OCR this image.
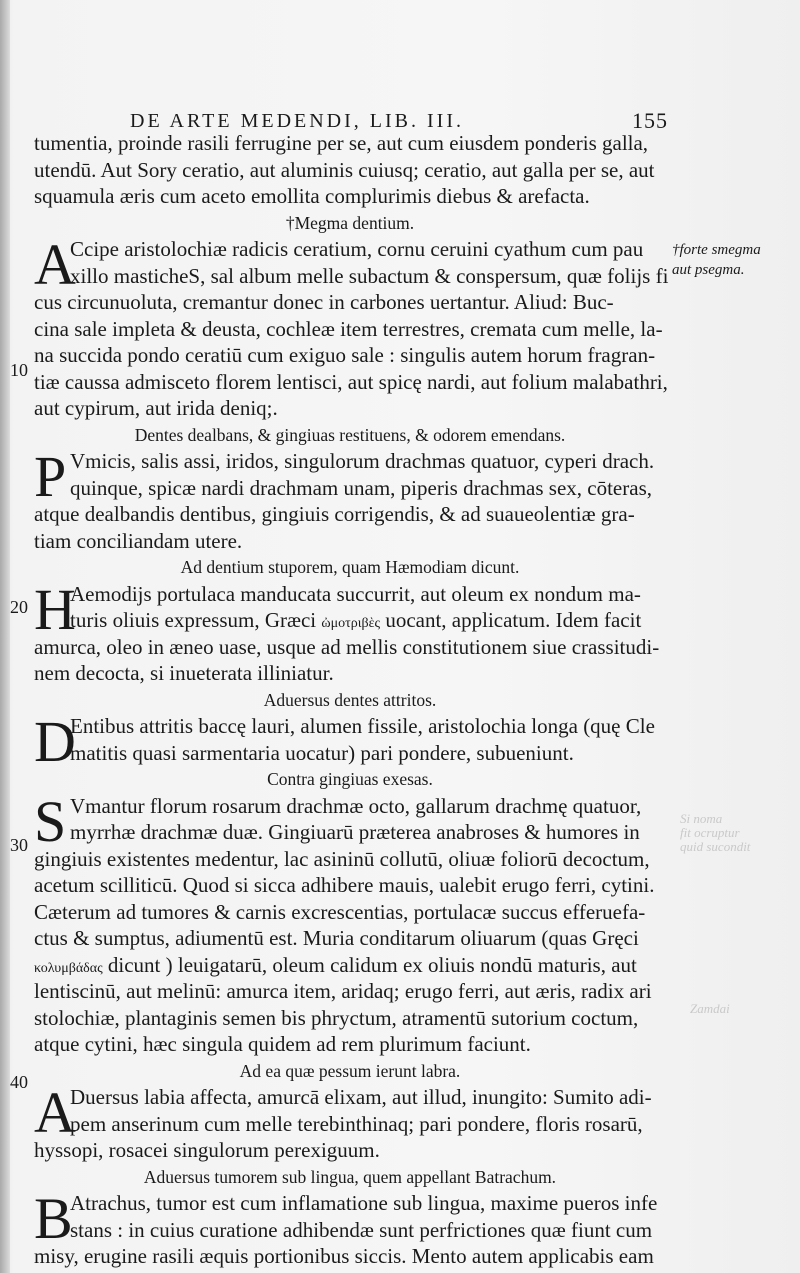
Si noma
fit ocruptur
quid sucondit
Zamdai
DE ARTE MEDENDI, LIB. III.	155
†forte smegma
aut psegma.
10
20
30
40
tumentia, proinde rasili ferrugine per se, aut cum eiusdem ponderis galla,
utendū. Aut Sory ceratio, aut aluminis cuiusq; ceratio, aut galla per se, aut
squamula æris cum aceto emollita complurimis diebus & arefacta.
†Megma dentium.
A
Ccipe aristolochiæ radicis ceratium, cornu ceruini cyathum cum pau
xillo masticheS, sal album melle subactum & conspersum, quæ folijs fi
cus circunuoluta, cremantur donec in carbones uertantur. Aliud: Buc-
cina sale impleta & deusta, cochleæ item terrestres, cremata cum melle, la-
na succida pondo ceratiū cum exiguo sale : singulis autem horum fragran-
tiæ caussa admisceto florem lentisci, aut spicę nardi, aut folium malabathri,
aut cypirum, aut irida deniq;.
Dentes dealbans, & gingiuas restituens, & odorem emendans.
P Vmicis, salis assi, iridos, singulorum drachmas quatuor, cyperi drach.
quinque, spicæ nardi drachmam unam, piperis drachmas sex, cōteras,
atque dealbandis dentibus, gingiuis corrigendis, & ad suaueolentiæ gra-
tiam conciliandam utere.
Ad dentium stuporem, quam Hæmodiam dicunt.
H
Aemodijs portulaca manducata succurrit, aut oleum ex nondum ma-
turis oliuis expressum, Græci ὠμοτριβὲς uocant, applicatum. Idem facit
amurca, oleo in æneo uase, usque ad mellis constitutionem siue crassitudi-
nem decocta, si inueterata illiniatur.
Aduersus dentes attritos.
D
Entibus attritis baccę lauri, alumen fissile, aristolochia longa (quę Cle
matitis quasi sarmentaria uocatur) pari pondere, subueniunt.
Contra gingiuas exesas.
S Vmantur florum rosarum drachmæ octo, gallarum drachmę quatuor,
myrrhæ drachmæ duæ. Gingiuarū præterea anabroses & humores in
gingiuis existentes medentur, lac asininū collutū, oliuæ foliorū decoctum,
acetum scilliticū. Quod si sicca adhibere mauis, ualebit erugo ferri, cytini.
Cæterum ad tumores & carnis excrescentias, portulacæ succus efferuefa-
ctus & sumptus, adiumentū est. Muria conditarum oliuarum (quas Gręci
κολυμβάδας dicunt ) leuigatarū, oleum calidum ex oliuis nondū maturis, aut
lentiscinū, aut melinū: amurca item, aridaq; erugo ferri, aut æris, radix ari
stolochiæ, plantaginis semen bis phryctum, atramentū sutorium coctum,
atque cytini, hæc singula quidem ad rem plurimum faciunt.
Ad ea quæ pessum ierunt labra.
A
Duersus labia affecta, amurcā elixam, aut illud, inungito: Sumito adi-
pem anserinum cum melle terebinthinaq; pari pondere, floris rosarū,
hyssopi, rosacei singulorum perexiguum.
Aduersus tumorem sub lingua, quem appellant Batrachum.
B
Atrachus, tumor est cum inflamatione sub lingua, maxime pueros infe
stans : in cuius curatione adhibendæ sunt perfrictiones quæ fiunt cum
misy, erugine rasili æquis portionibus siccis. Mento autem applicabis eam
